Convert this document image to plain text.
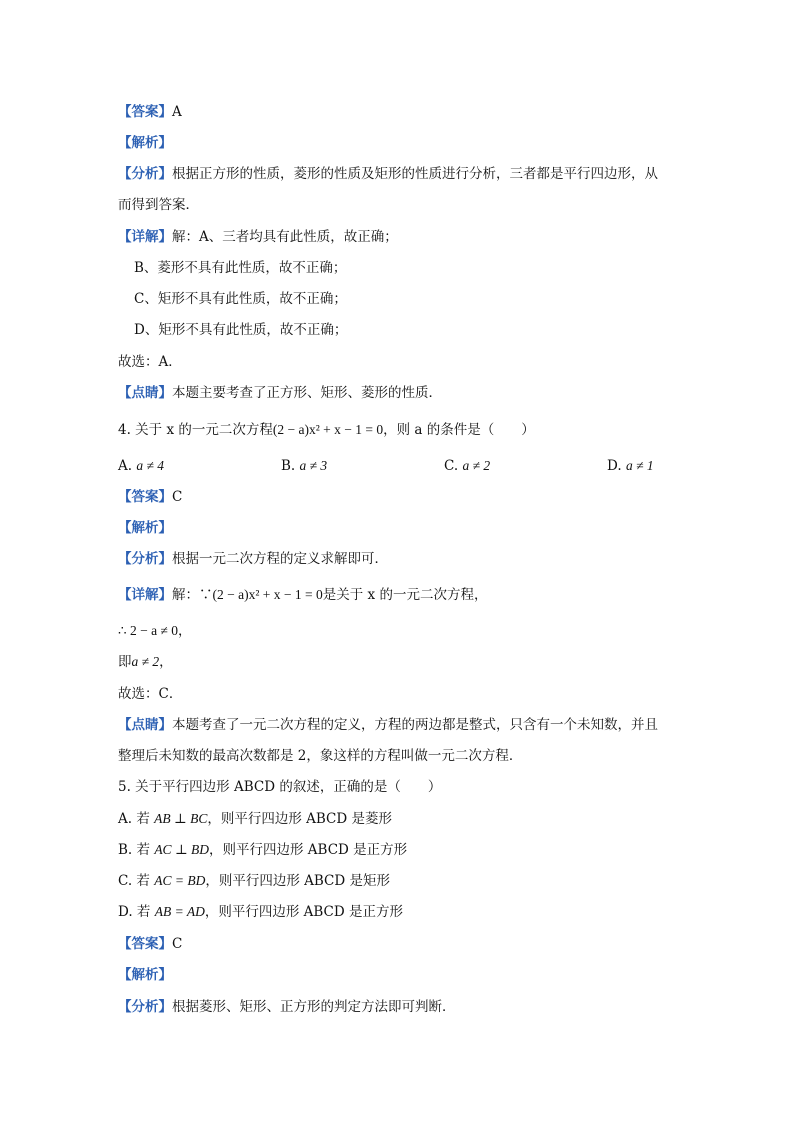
【答案】A
【解析】
【分析】根据正方形的性质，菱形的性质及矩形的性质进行分析，三者都是平行四边形，从
而得到答案．
【详解】解：A、三者均具有此性质，故正确；
B、菱形不具有此性质，故不正确；
C、矩形不具有此性质，故不正确；
D、矩形不具有此性质，故不正确；
故选：A．
【点睛】本题主要考查了正方形、矩形、菱形的性质．
4. 关于 x 的一元二次方程(2 − a)x² + x − 1 = 0，则 a 的条件是（　　）
A. a ≠ 4	B. a ≠ 3	C. a ≠ 2	D. a ≠ 1
【答案】C
【解析】
【分析】根据一元二次方程的定义求解即可．
【详解】解：∵(2 − a)x² + x − 1 = 0是关于 x 的一元二次方程，
∴ 2 − a ≠ 0，
即a ≠ 2，
故选：C．
【点睛】本题考查了一元二次方程的定义，方程的两边都是整式，只含有一个未知数，并且
整理后未知数的最高次数都是 2，象这样的方程叫做一元二次方程．
5. 关于平行四边形 ABCD 的叙述，正确的是（　　）
A. 若 AB ⊥ BC，则平行四边形 ABCD 是菱形
B. 若 AC ⊥ BD，则平行四边形 ABCD 是正方形
C. 若 AC = BD，则平行四边形 ABCD 是矩形
D. 若 AB = AD，则平行四边形 ABCD 是正方形
【答案】C
【解析】
【分析】根据菱形、矩形、正方形的判定方法即可判断．
